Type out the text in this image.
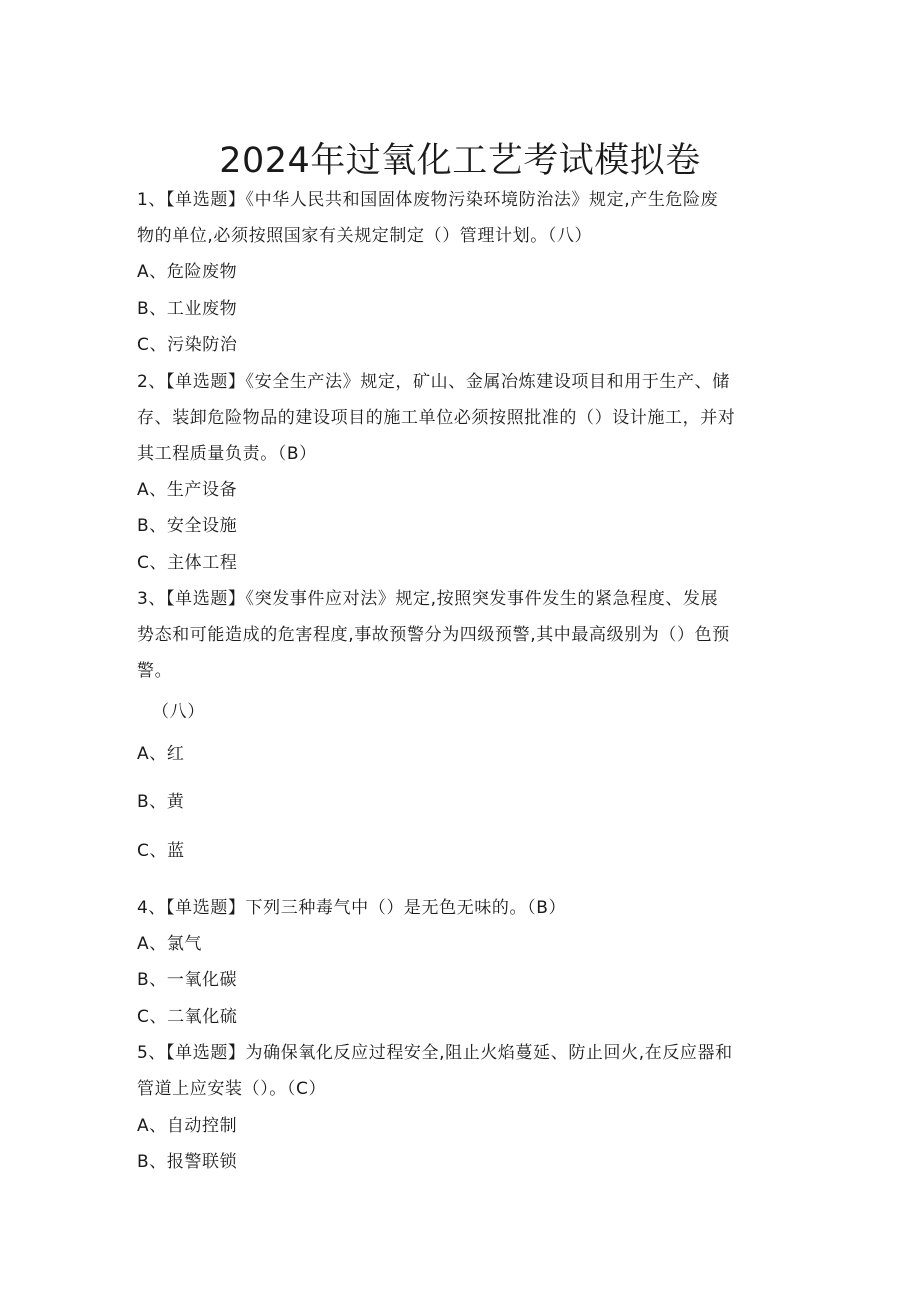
2024年过氧化工艺考试模拟卷
1、【单选题】《中华人民共和国固体废物污染环境防治法》规定,产生危险废
物的单位,必须按照国家有关规定制定（）管理计划。（八）
A、危险废物
B、工业废物
C、污染防治
2、【单选题】《安全生产法》规定，矿山、金属冶炼建设项目和用于生产、储
存、装卸危险物品的建设项目的施工单位必须按照批准的（）设计施工，并对
其工程质量负责。（B）
A、生产设备
B、安全设施
C、主体工程
3、【单选题】《突发事件应对法》规定,按照突发事件发生的紧急程度、发展
势态和可能造成的危害程度,事故预警分为四级预警,其中最高级别为（）色预
警。
（八）
A、红
B、黄
C、蓝
4、【单选题】下列三种毒气中（）是无色无味的。（B）
A、氯气
B、一氧化碳
C、二氧化硫
5、【单选题】为确保氧化反应过程安全,阻止火焰蔓延、防止回火,在反应器和
管道上应安装（）。（C）
A、自动控制
B、报警联锁
